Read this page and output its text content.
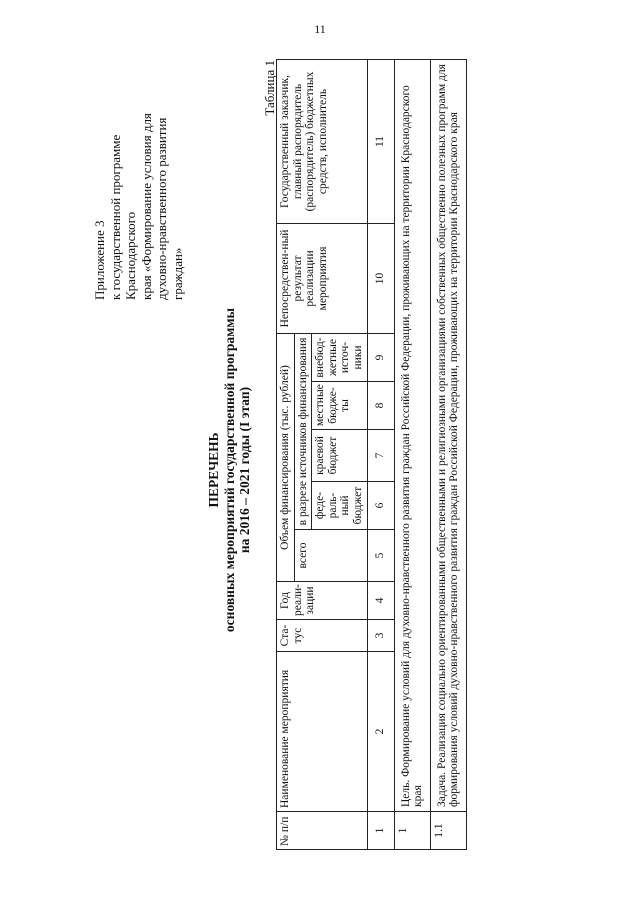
11
Приложение 3 к государственной программе Краснодарского края «Формирование условия для духовно-нравственного развития граждан»
ПЕРЕЧЕНЬ основных мероприятий государственной программы на 2016 – 2021 годы (I этап)
Таблица 1
№ п/п	Наименование мероприятия	Ста-тус	Год реали-зации	Объем финансирования (тыс. рублей)					Непосредствен-ный результат реализации мероприятия	Государственный заказчик, главный распорядитель (распорядитель) бюджетных средств, исполнитель
				всего	в разрезе источников финансирования					
					феде-раль-ный бюджет	краевой бюджет	местные бюдже-ты	внебюд-жетные источ-ники		
1	2	3	4	5	6	7	8	9	10	11
1	Цель. Формирование условий для духовно-нравственного развития граждан Российской Федерации, проживающих на территории Краснодарского края									
1.1	Задача. Реализация социально ориентированными общественными и религиозными организациями собственных общественно полезных программ для формирования условий духовно-нравственного развития граждан Российской Федерации, проживающих на территории Краснодарского края									
